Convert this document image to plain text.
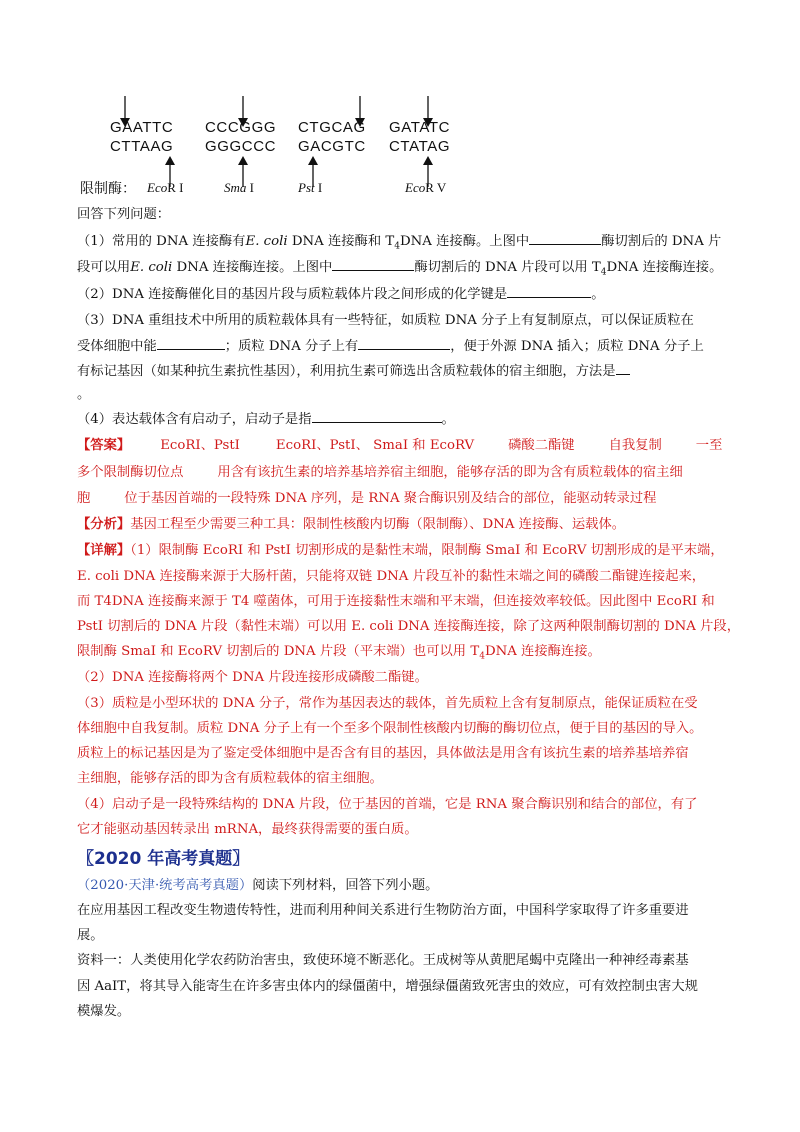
GAATTC CCCGGG CTGCAG GATATC
CTTAAG GGGCCC GACGTC CTATAG
限制酶： EcoR I	Sma I	Pst I	EcoR V
回答下列问题：
（1）常用的 DNA 连接酶有E. coli DNA 连接酶和 $T_4DNA$ 连接酶。上图中	酶切割后的 DNA 片
段可以用E. coli DNA 连接酶连接。上图中	酶切割后的 DNA 片段可以用 $T_4DNA$ 连接酶连接。
（2）DNA 连接酶催化目的基因片段与质粒载体片段之间形成的化学键是	。
（3）DNA 重组技术中所用的质粒载体具有一些特征，如质粒 DNA 分子上有复制原点，可以保证质粒在
受体细胞中能	；质粒 DNA 分子上有	，便于外源 DNA 插入；质粒 DNA 分子上
有标记基因（如某种抗生素抗性基因），利用抗生素可筛选出含质粒载体的宿主细胞，方法是
。
（4）表达载体含有启动子，启动子是指	。
【答案】 EcoRI、PstI	EcoRI、PstI、 SmaI 和 EcoRV	磷酸二酯键	自我复制	一至
多个限制酶切位点	用含有该抗生素的培养基培养宿主细胞，能够存活的即为含有质粒载体的宿主细
胞	位于基因首端的一段特殊 DNA 序列，是 RNA 聚合酶识别及结合的部位，能驱动转录过程
【分析】基因工程至少需要三种工具：限制性核酸内切酶（限制酶）、DNA 连接酶、运载体。
【详解】（1）限制酶 EcoRI 和 PstI 切割形成的是黏性末端，限制酶 SmaI 和 EcoRV 切割形成的是平末端，
E. coli DNA 连接酶来源于大肠杆菌，只能将双链 DNA 片段互补的黏性末端之间的磷酸二酯键连接起来，
而 T4DNA 连接酶来源于 T4 噬菌体，可用于连接黏性末端和平末端，但连接效率较低。因此图中 EcoRI 和
PstI 切割后的 DNA 片段（黏性末端）可以用 E. coli DNA 连接酶连接，除了这两种限制酶切割的 DNA 片段，
限制酶 SmaI 和 EcoRV 切割后的 DNA 片段（平末端）也可以用 $T_4DNA$ 连接酶连接。
（2）DNA 连接酶将两个 DNA 片段连接形成磷酸二酯键。
（3）质粒是小型环状的 DNA 分子，常作为基因表达的载体，首先质粒上含有复制原点，能保证质粒在受
体细胞中自我复制。质粒 DNA 分子上有一个至多个限制性核酸内切酶的酶切位点，便于目的基因的导入。
质粒上的标记基因是为了鉴定受体细胞中是否含有目的基因，具体做法是用含有该抗生素的培养基培养宿
主细胞，能够存活的即为含有质粒载体的宿主细胞。
（4）启动子是一段特殊结构的 DNA 片段，位于基因的首端，它是 RNA 聚合酶识别和结合的部位，有了
它才能驱动基因转录出 mRNA，最终获得需要的蛋白质。
〖2020 年高考真题〗
（2020·天津·统考高考真题）阅读下列材料，回答下列小题。
在应用基因工程改变生物遗传特性，进而利用种间关系进行生物防治方面，中国科学家取得了许多重要进
展。
资料一：人类使用化学农药防治害虫，致使环境不断恶化。王成树等从黄肥尾蝎中克隆出一种神经毒素基
因 AaIT，将其导入能寄生在许多害虫体内的绿僵菌中，增强绿僵菌致死害虫的效应，可有效控制虫害大规
模爆发。
